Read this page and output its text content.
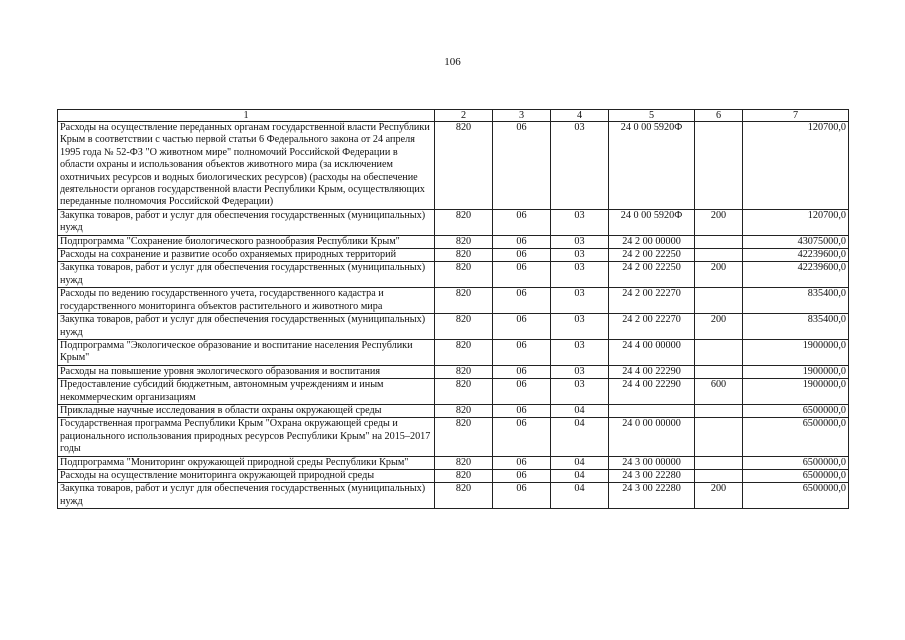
106
1	2	3	4	5	6	7
Расходы на осуществление переданных органам государственной власти Республики Крым в соответствии с частью первой статьи 6 Федерального закона от 24 апреля 1995 года № 52-ФЗ "О животном мире" полномочий Российской Федерации в области охраны и использования объектов животного мира (за исключением охотничьих ресурсов и водных биологических ресурсов) (расходы на обеспечение деятельности органов государственной власти Республики Крым, осуществляющих переданные полномочия Российской Федерации)	820	06	03	24 0 00 5920Ф		120700,0
Закупка товаров, работ и услуг для обеспечения государственных (муниципальных) нужд	820	06	03	24 0 00 5920Ф	200	120700,0
Подпрограмма "Сохранение биологического разнообразия Республики Крым"	820	06	03	24 2 00 00000		43075000,0
Расходы на сохранение и развитие особо охраняемых природных территорий	820	06	03	24 2 00 22250		42239600,0
Закупка товаров, работ и услуг для обеспечения государственных (муниципальных) нужд	820	06	03	24 2 00 22250	200	42239600,0
Расходы по ведению государственного учета, государственного кадастра и государственного мониторинга объектов растительного и животного мира	820	06	03	24 2 00 22270		835400,0
Закупка товаров, работ и услуг для обеспечения государственных (муниципальных) нужд	820	06	03	24 2 00 22270	200	835400,0
Подпрограмма "Экологическое образование и воспитание населения Республики Крым"	820	06	03	24 4 00 00000		1900000,0
Расходы на повышение уровня экологического образования и воспитания	820	06	03	24 4 00 22290		1900000,0
Предоставление субсидий бюджетным, автономным учреждениям и иным некоммерческим организациям	820	06	03	24 4 00 22290	600	1900000,0
Прикладные научные исследования в области охраны окружающей среды	820	06	04			6500000,0
Государственная программа Республики Крым "Охрана окружающей среды и рационального использования природных ресурсов Республики Крым" на 2015–2017 годы	820	06	04	24 0 00 00000		6500000,0
Подпрограмма "Мониторинг окружающей природной среды Республики Крым"	820	06	04	24 3 00 00000		6500000,0
Расходы на осуществление мониторинга окружающей природной среды	820	06	04	24 3 00 22280		6500000,0
Закупка товаров, работ и услуг для обеспечения государственных (муниципальных) нужд	820	06	04	24 3 00 22280	200	6500000,0
